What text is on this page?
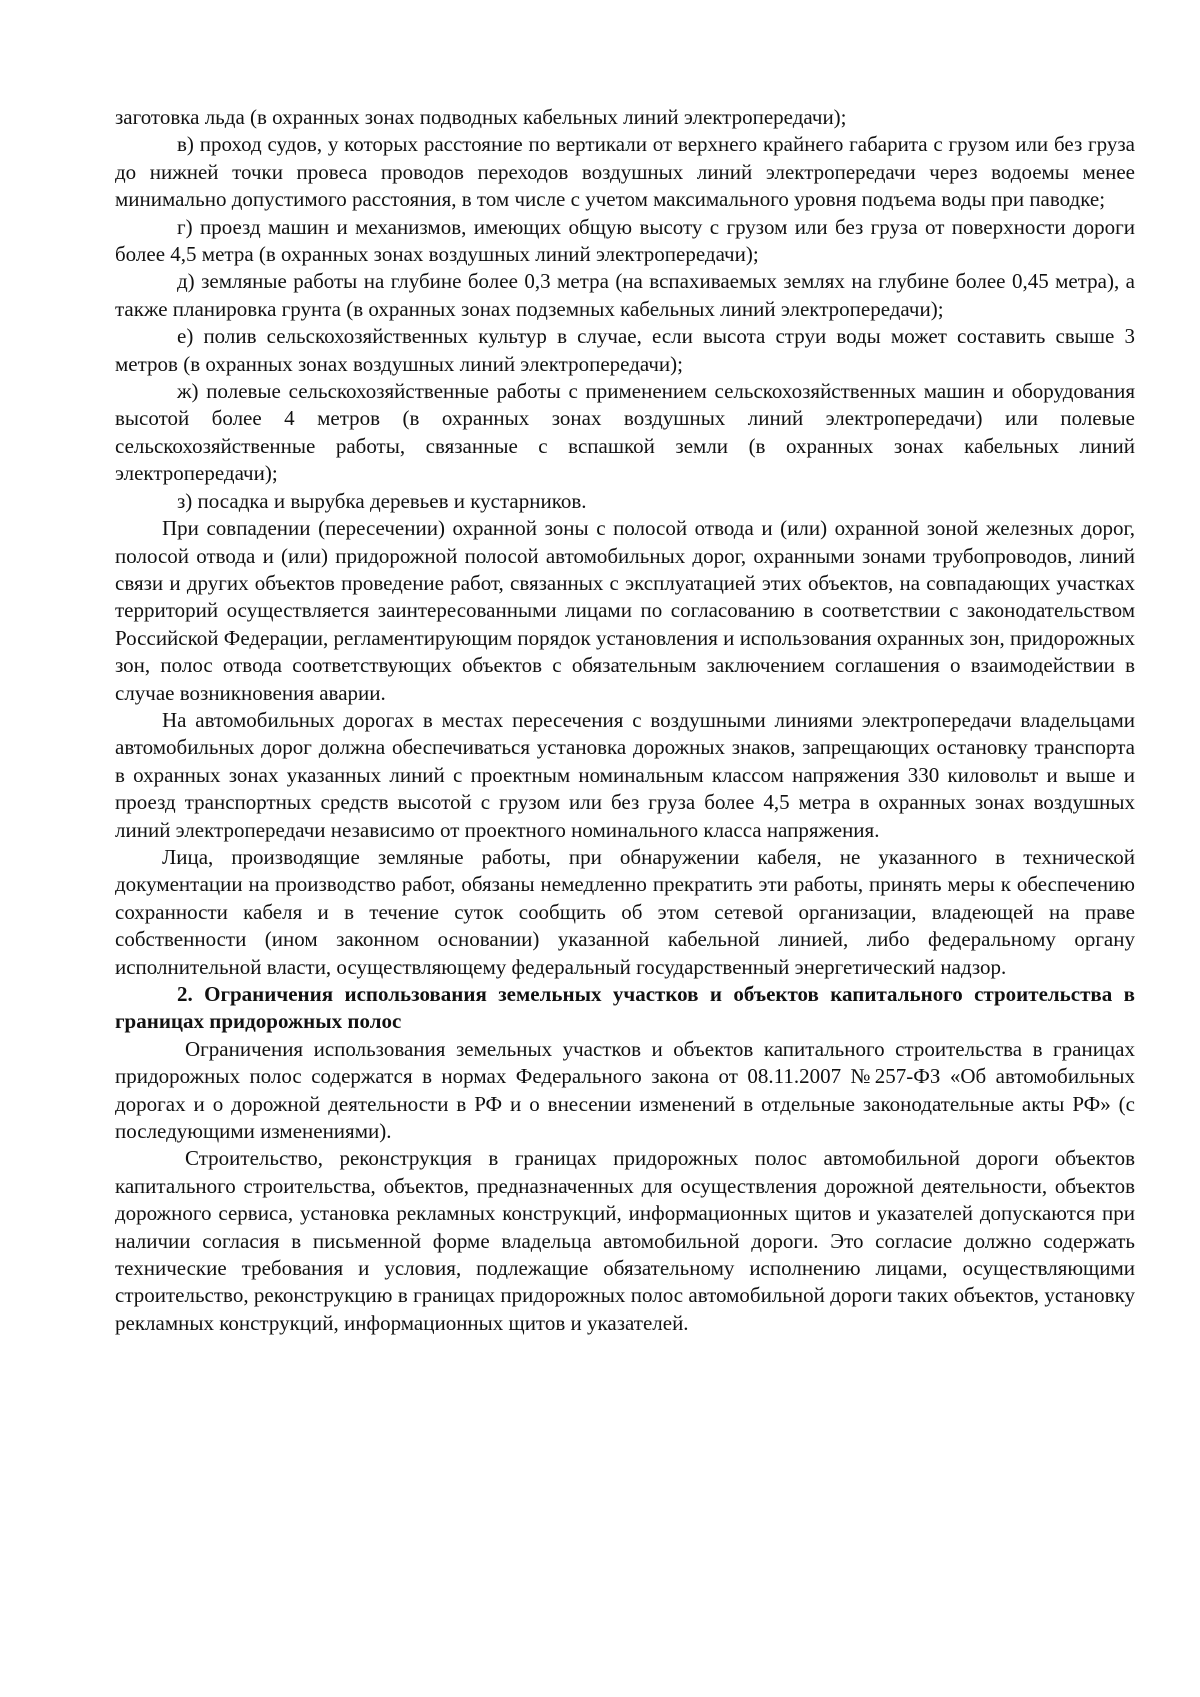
заготовка льда (в охранных зонах подводных кабельных линий электропередачи);

в) проход судов, у которых расстояние по вертикали от верхнего крайнего габарита с грузом или без груза до нижней точки провеса проводов переходов воздушных линий электропередачи через водоемы менее минимально допустимого расстояния, в том числе с учетом максимального уровня подъема воды при паводке;

г) проезд машин и механизмов, имеющих общую высоту с грузом или без груза от поверхности дороги более 4,5 метра (в охранных зонах воздушных линий электропередачи);

д) земляные работы на глубине более 0,3 метра (на вспахиваемых землях на глубине более 0,45 метра), а также планировка грунта (в охранных зонах подземных кабельных линий электропередачи);

е) полив сельскохозяйственных культур в случае, если высота струи воды может составить свыше 3 метров (в охранных зонах воздушных линий электропередачи);

ж) полевые сельскохозяйственные работы с применением сельскохозяйственных машин и оборудования высотой более 4 метров (в охранных зонах воздушных линий электропередачи) или полевые сельскохозяйственные работы, связанные с вспашкой земли (в охранных зонах кабельных линий электропередачи);

з) посадка и вырубка деревьев и кустарников.

При совпадении (пересечении) охранной зоны с полосой отвода и (или) охранной зоной железных дорог, полосой отвода и (или) придорожной полосой автомобильных дорог, охранными зонами трубопроводов, линий связи и других объектов проведение работ, связанных с эксплуатацией этих объектов, на совпадающих участках территорий осуществляется заинтересованными лицами по согласованию в соответствии с законодательством Российской Федерации, регламентирующим порядок установления и использования охранных зон, придорожных зон, полос отвода соответствующих объектов с обязательным заключением соглашения о взаимодействии в случае возникновения аварии.

На автомобильных дорогах в местах пересечения с воздушными линиями электропередачи владельцами автомобильных дорог должна обеспечиваться установка дорожных знаков, запрещающих остановку транспорта в охранных зонах указанных линий с проектным номинальным классом напряжения 330 киловольт и выше и проезд транспортных средств высотой с грузом или без груза более 4,5 метра в охранных зонах воздушных линий электропередачи независимо от проектного номинального класса напряжения.

Лица, производящие земляные работы, при обнаружении кабеля, не указанного в технической документации на производство работ, обязаны немедленно прекратить эти работы, принять меры к обеспечению сохранности кабеля и в течение суток сообщить об этом сетевой организации, владеющей на праве собственности (ином законном основании) указанной кабельной линией, либо федеральному органу исполнительной власти, осуществляющему федеральный государственный энергетический надзор.

2. Ограничения использования земельных участков и объектов капитального строительства в границах придорожных полос

Ограничения использования земельных участков и объектов капитального строительства в границах придорожных полос содержатся в нормах Федерального закона от 08.11.2007 №257-ФЗ «Об автомобильных дорогах и о дорожной деятельности в РФ и о внесении изменений в отдельные законодательные акты РФ» (с последующими изменениями).

Строительство, реконструкция в границах придорожных полос автомобильной дороги объектов капитального строительства, объектов, предназначенных для осуществления дорожной деятельности, объектов дорожного сервиса, установка рекламных конструкций, информационных щитов и указателей допускаются при наличии согласия в письменной форме владельца автомобильной дороги. Это согласие должно содержать технические требования и условия, подлежащие обязательному исполнению лицами, осуществляющими строительство, реконструкцию в границах придорожных полос автомобильной дороги таких объектов, установку рекламных конструкций, информационных щитов и указателей.
